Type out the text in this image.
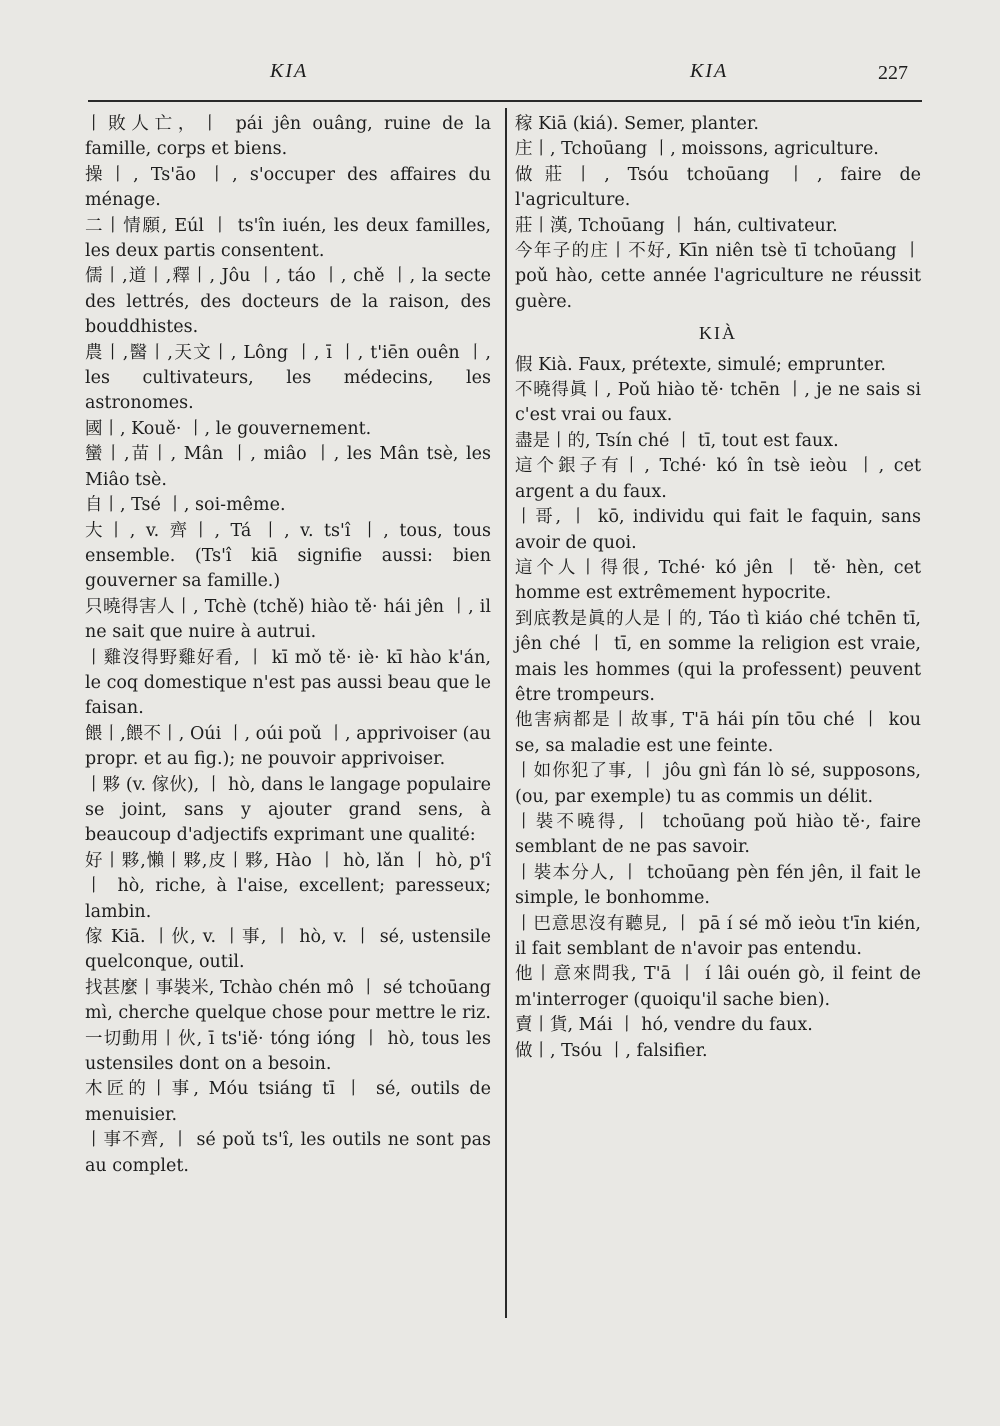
KIA	KIA	227

丨敗人亡，丨 pái jên ouâng, ruine de la famille, corps et biens.

操丨, Ts'āo 丨, s'occuper des affaires du ménage.

二丨情願, Eúl 丨 ts'în iuén, les deux familles, les deux partis consentent.

儒丨,道丨,釋丨, Jôu 丨, táo 丨, chě 丨, la secte des lettrés, des docteurs de la raison, des bouddhistes.

農丨,醫丨,天文丨, Lông 丨, ī 丨, t'iēn ouên 丨, les cultivateurs, les médecins, les astronomes.

國丨, Kouě· 丨, le gouvernement.

蠻丨,苗丨, Mân 丨, miâo 丨, les Mân tsè, les Miâo tsè.

自丨, Tsé 丨, soi-même.

大丨, v. 齊丨, Tá 丨, v. ts'î 丨, tous, tous ensemble. (Ts'î kiā signifie aussi: bien gouverner sa famille.)

只曉得害人丨, Tchè (tchě) hiào tě· hái jên 丨, il ne sait que nuire à autrui.

丨雞沒得野雞好看, 丨 kī mǒ tě· iè· kī hào k'án, le coq domestique n'est pas aussi beau que le faisan.

餵丨,餵不丨, Oúi 丨, oúi poǔ 丨, apprivoiser (au propr. et au fig.); ne pouvoir apprivoiser.

丨夥 (v. 傢伙), 丨 hò, dans le langage populaire se joint, sans y ajouter grand sens, à beaucoup d'adjectifs exprimant une qualité:

好丨夥,懶丨夥,皮丨夥, Hào 丨 hò, lǎn 丨 hò, p'î 丨 hò, riche, à l'aise, excellent; paresseux; lambin.

傢 Kiā. 丨伙, v. 丨事, 丨 hò, v. 丨 sé, ustensile quelconque, outil.

找甚麼丨事裝米, Tchào chén mô 丨 sé tchoūang mì, cherche quelque chose pour mettre le riz.

一切動用丨伙, ī ts'iě· tóng ióng 丨 hò, tous les ustensiles dont on a besoin.

木匠的丨事, Móu tsiáng tī 丨 sé, outils de menuisier.

丨事不齊, 丨 sé poǔ ts'î, les outils ne sont pas au complet.

稼 Kiā (kiá). Semer, planter.

庄丨, Tchoūang 丨, moissons, agriculture.

做莊丨, Tsóu tchoūang 丨, faire de l'agriculture.

莊丨漢, Tchoūang 丨 hán, cultivateur.

今年子的庄丨不好, Kīn niên tsè tī tchoūang 丨 poǔ hào, cette année l'agriculture ne réussit guère.

KIÀ

假 Kià. Faux, prétexte, simulé; emprunter.

不曉得眞丨, Poǔ hiào tě· tchēn 丨, je ne sais si c'est vrai ou faux.

盡是丨的, Tsín ché 丨 tī, tout est faux.

這个銀子有丨, Tché· kó în tsè ieòu 丨, cet argent a du faux.

丨哥, 丨 kō, individu qui fait le faquin, sans avoir de quoi.

這个人丨得很, Tché· kó jên 丨 tě· hèn, cet homme est extrêmement hypocrite.

到底教是眞的人是丨的, Táo tì kiáo ché tchēn tī, jên ché 丨 tī, en somme la religion est vraie, mais les hommes (qui la professent) peuvent être trompeurs.

他害病都是丨故事, T'ā hái pín tōu ché 丨 kou se, sa maladie est une feinte.

丨如你犯了事, 丨 jôu gnì fán lò sé, supposons, (ou, par exemple) tu as commis un délit.

丨裝不曉得, 丨 tchoūang poǔ hiào tě·, faire semblant de ne pas savoir.

丨裝本分人, 丨 tchoūang pèn fén jên, il fait le simple, le bonhomme.

丨巴意思沒有聽見, 丨 pā í sé mǒ ieòu t'īn kién, il fait semblant de n'avoir pas entendu.

他丨意來問我, T'ā 丨 í lâi ouén gò, il feint de m'interroger (quoiqu'il sache bien).

賣丨貨, Mái 丨 hó, vendre du faux.

做丨, Tsóu 丨, falsifier.
